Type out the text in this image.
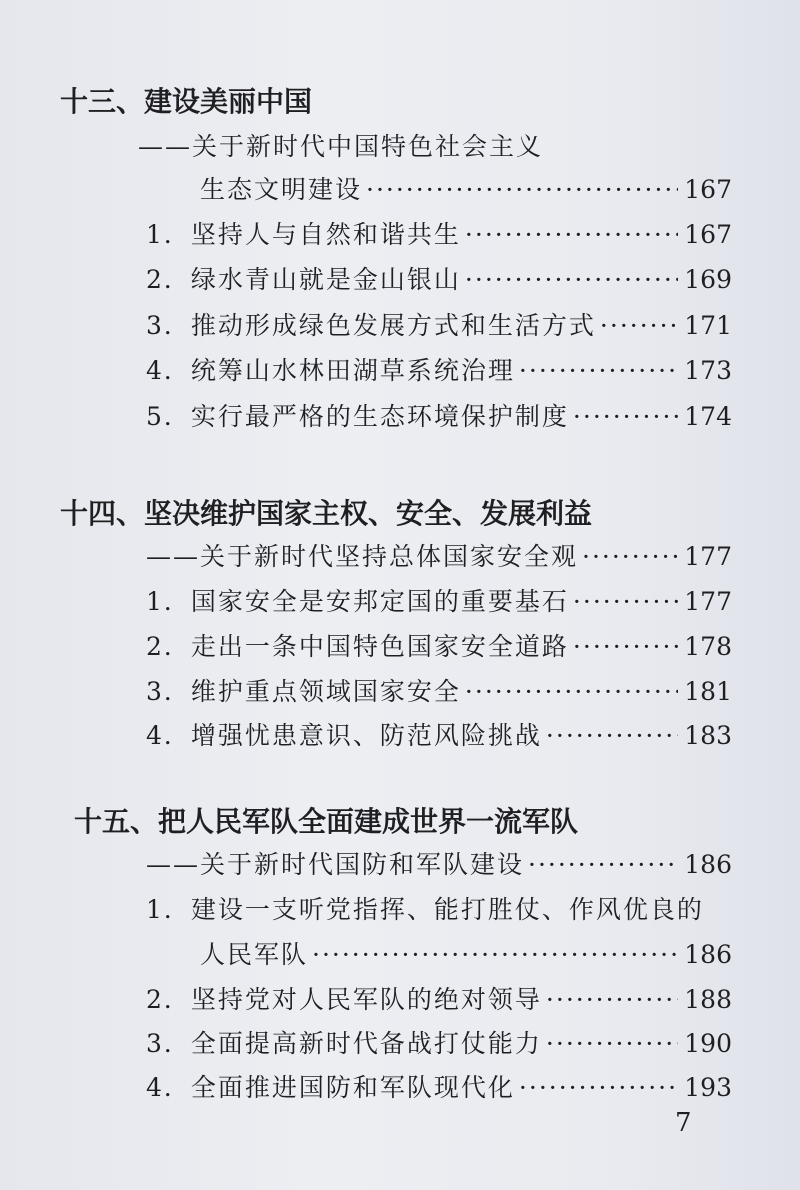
十三、建设美丽中国
——关于新时代中国特色社会主义
生态文明建设 ·····	167
1．坚持人与自然和谐共生 ·····	167
2．绿水青山就是金山银山 ·····	169
3．推动形成绿色发展方式和生活方式 ·····	171
4．统筹山水林田湖草系统治理 ·····	173
5．实行最严格的生态环境保护制度 ·····	174
十四、坚决维护国家主权、安全、发展利益
——关于新时代坚持总体国家安全观 ·····	177
1．国家安全是安邦定国的重要基石 ·····	177
2．走出一条中国特色国家安全道路 ·····	178
3．维护重点领域国家安全 ·····	181
4．增强忧患意识、防范风险挑战 ·····	183
十五、把人民军队全面建成世界一流军队
——关于新时代国防和军队建设 ·····	186
1．建设一支听党指挥、能打胜仗、作风优良的
人民军队 ·····	186
2．坚持党对人民军队的绝对领导 ·····	188
3．全面提高新时代备战打仗能力 ·····	190
4．全面推进国防和军队现代化 ·····	193
7
